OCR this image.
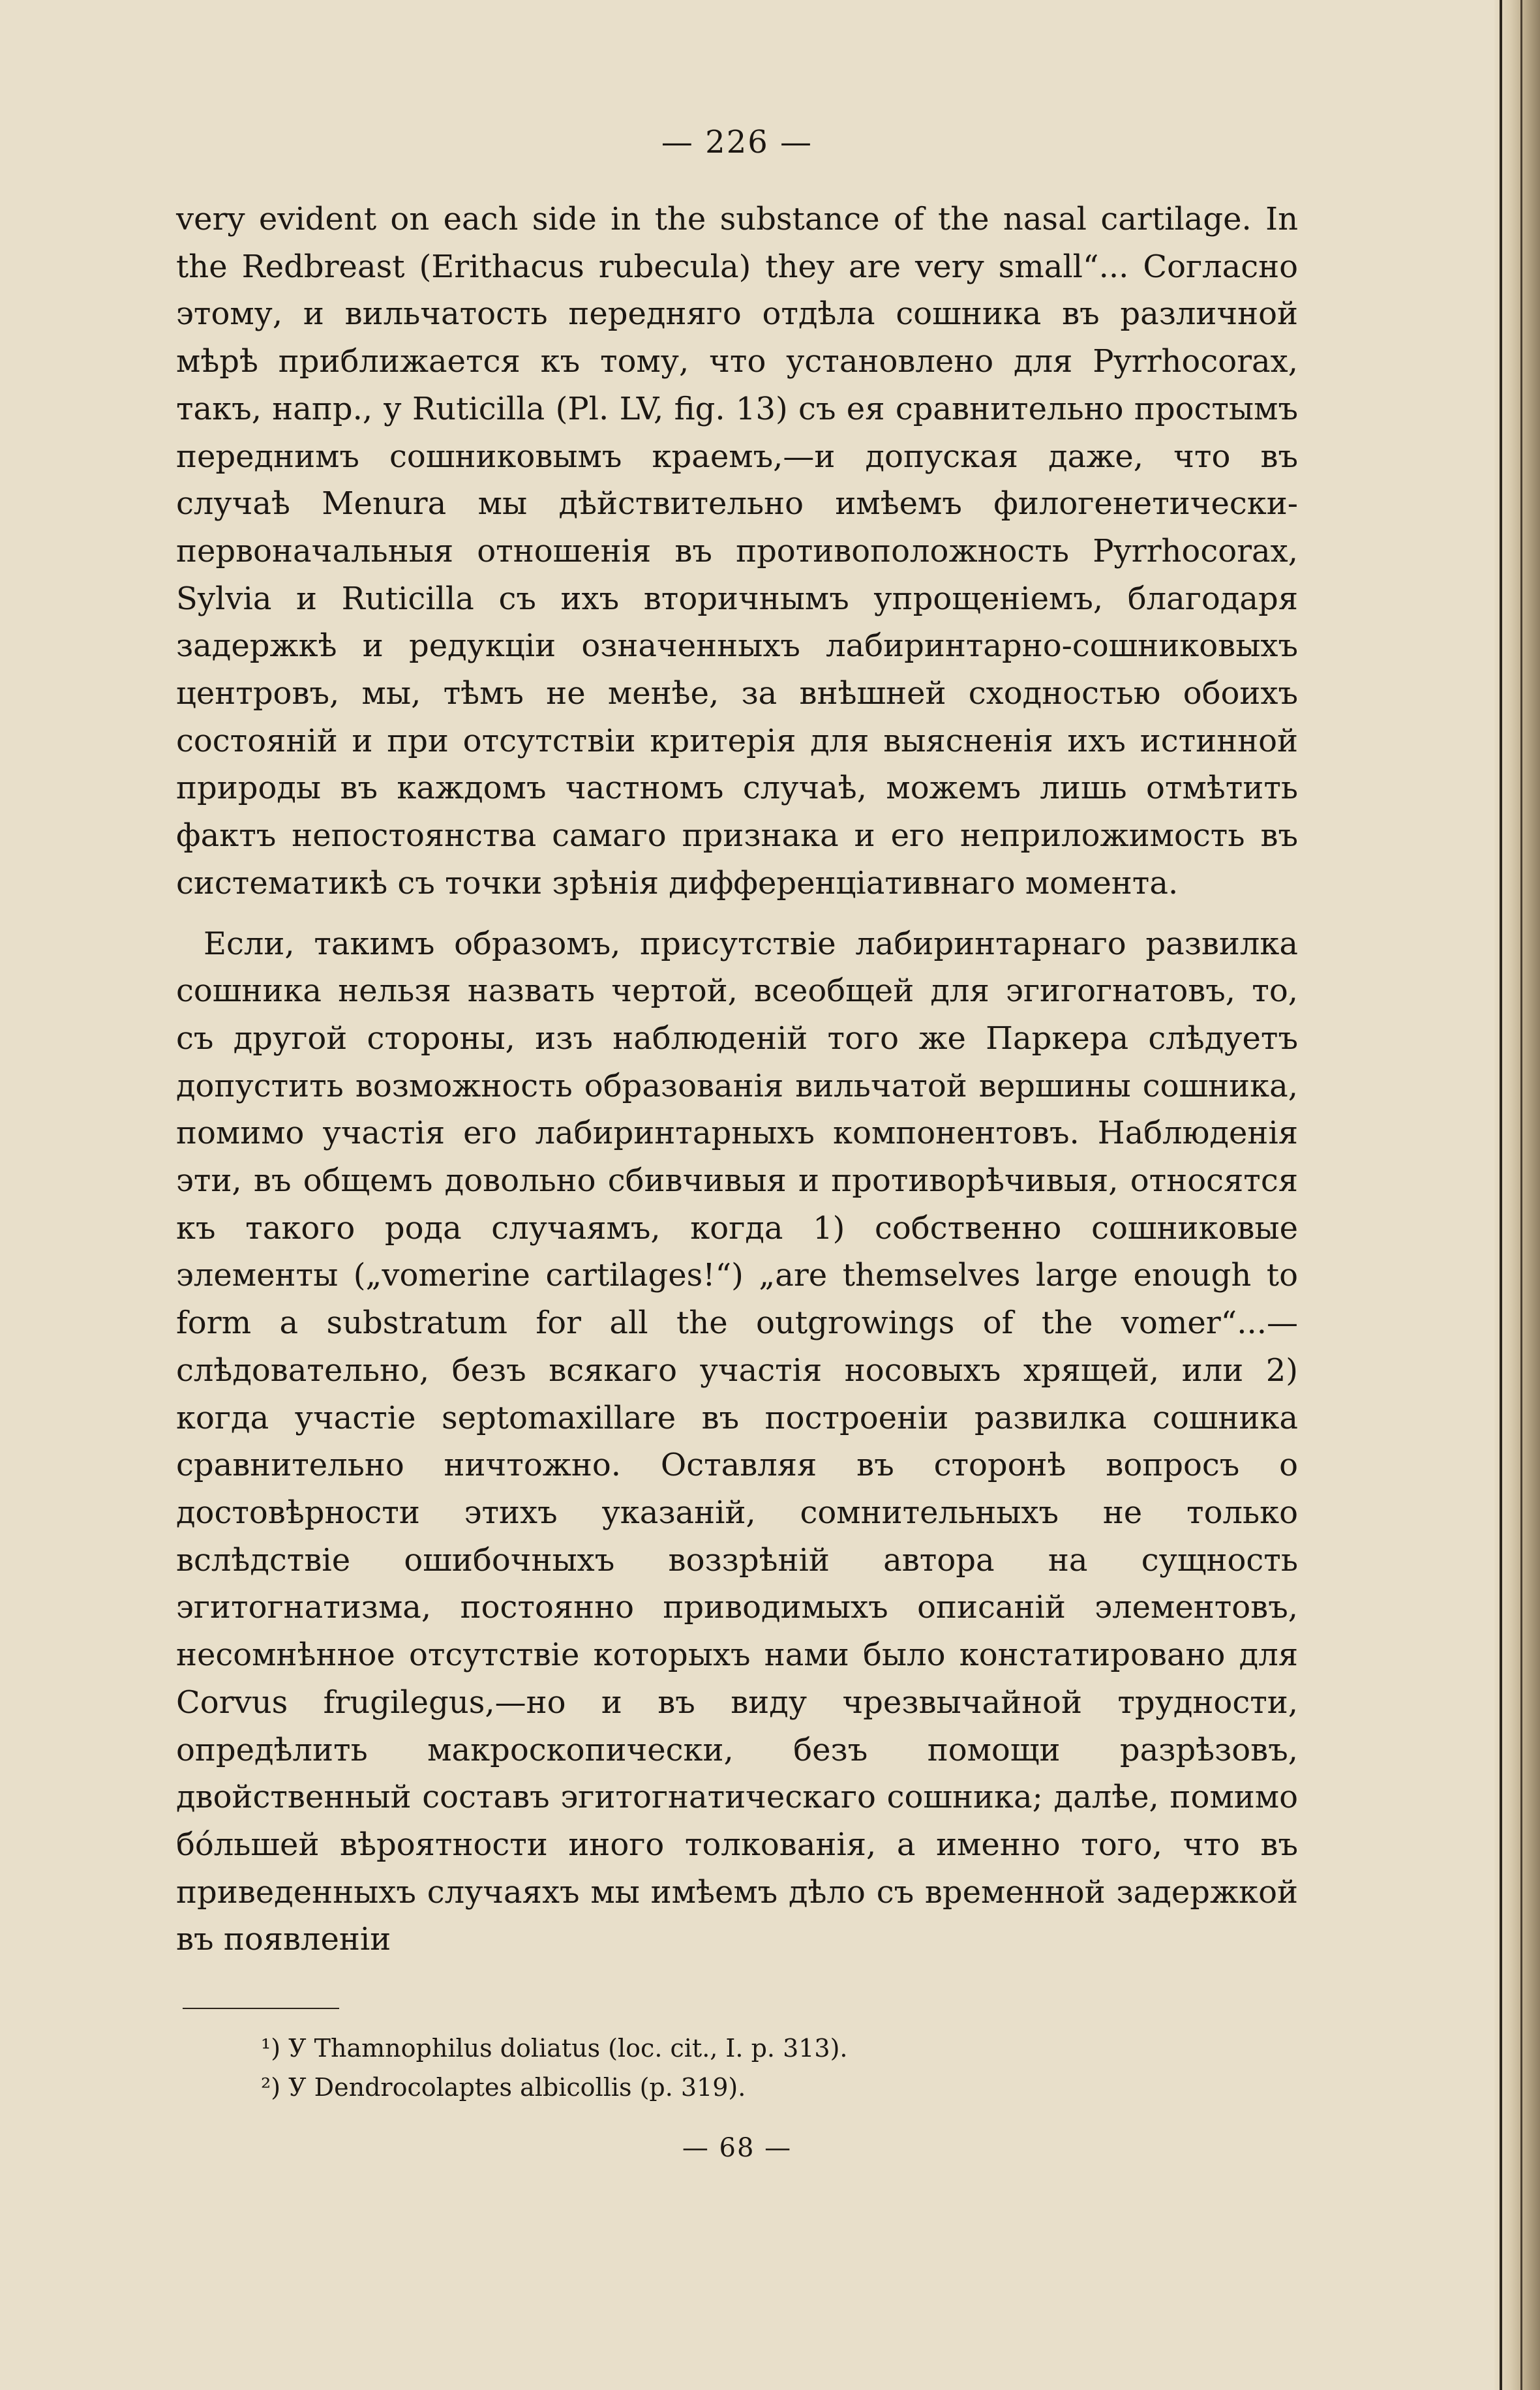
— 226 —

very evident on each side in the substance of the nasal cartilage. In the Redbreast (Erithacus rubecula) they are very small“... Согласно этому, и вильчатость передняго отдѣла сошника въ различной мѣрѣ приближается къ тому, что установлено для Pyrrhocorax, такъ, напр., у Ruticilla (Pl. LV, fig. 13) съ ея сравнительно простымъ переднимъ сошниковымъ краемъ,—и допуская даже, что въ случаѣ Menura мы дѣйствительно имѣемъ филогенетически-первоначальныя отношенія въ противоположность Pyrrhocorax, Sylvia и Ruticilla съ ихъ вторичнымъ упрощеніемъ, благодаря задержкѣ и редукціи означенныхъ лабиринтарно-сошниковыхъ центровъ, мы, тѣмъ не менѣе, за внѣшней сходностью обоихъ состояній и при отсутствіи критерія для выясненія ихъ истинной природы въ каждомъ частномъ случаѣ, можемъ лишь отмѣтить фактъ непостоянства самаго признака и его неприложимость въ систематикѣ съ точки зрѣнія дифференціативнаго момента.

Если, такимъ образомъ, присутствіе лабиринтарнаго развилка сошника нельзя назвать чертой, всеобщей для эгигогнатовъ, то, съ другой стороны, изъ наблюденій того же Паркера слѣдуетъ допустить возможность образованія вильчатой вершины сошника, помимо участія его лабиринтарныхъ компонентовъ. Наблюденія эти, въ общемъ довольно сбивчивыя и противорѣчивыя, относятся къ такого рода случаямъ, когда 1) собственно сошниковые элементы („vomerine cartilages!“) „are themselves large enough to form a substratum for all the outgrowings of the vomer“...—слѣдовательно, безъ всякаго участія носовыхъ хрящей, или 2) когда участіе septomaxillare въ построеніи развилка сошника сравнительно ничтожно. Оставляя въ сторонѣ вопросъ о достовѣрности этихъ указаній, сомнительныхъ не только вслѣдствіе ошибочныхъ воззрѣній автора на сущность эгитогнатизма, постоянно приводимыхъ описаній элементовъ, несомнѣнное отсутствіе которыхъ нами было констатировано для Corvus frugilegus,—но и въ виду чрезвычайной трудности, опредѣлить макроскопически, безъ помощи разрѣзовъ, двойственный составъ эгитогнатическаго сошника; далѣе, помимо бóльшей вѣроятности иного толкованія, а именно того, что въ приведенныхъ случаяхъ мы имѣемъ дѣло съ временной задержкой въ появленіи

¹) У Thamnophilus doliatus (loc. cit., I. p. 313).

²) У Dendrocolaptes albicollis (p. 319).

— 68 —
